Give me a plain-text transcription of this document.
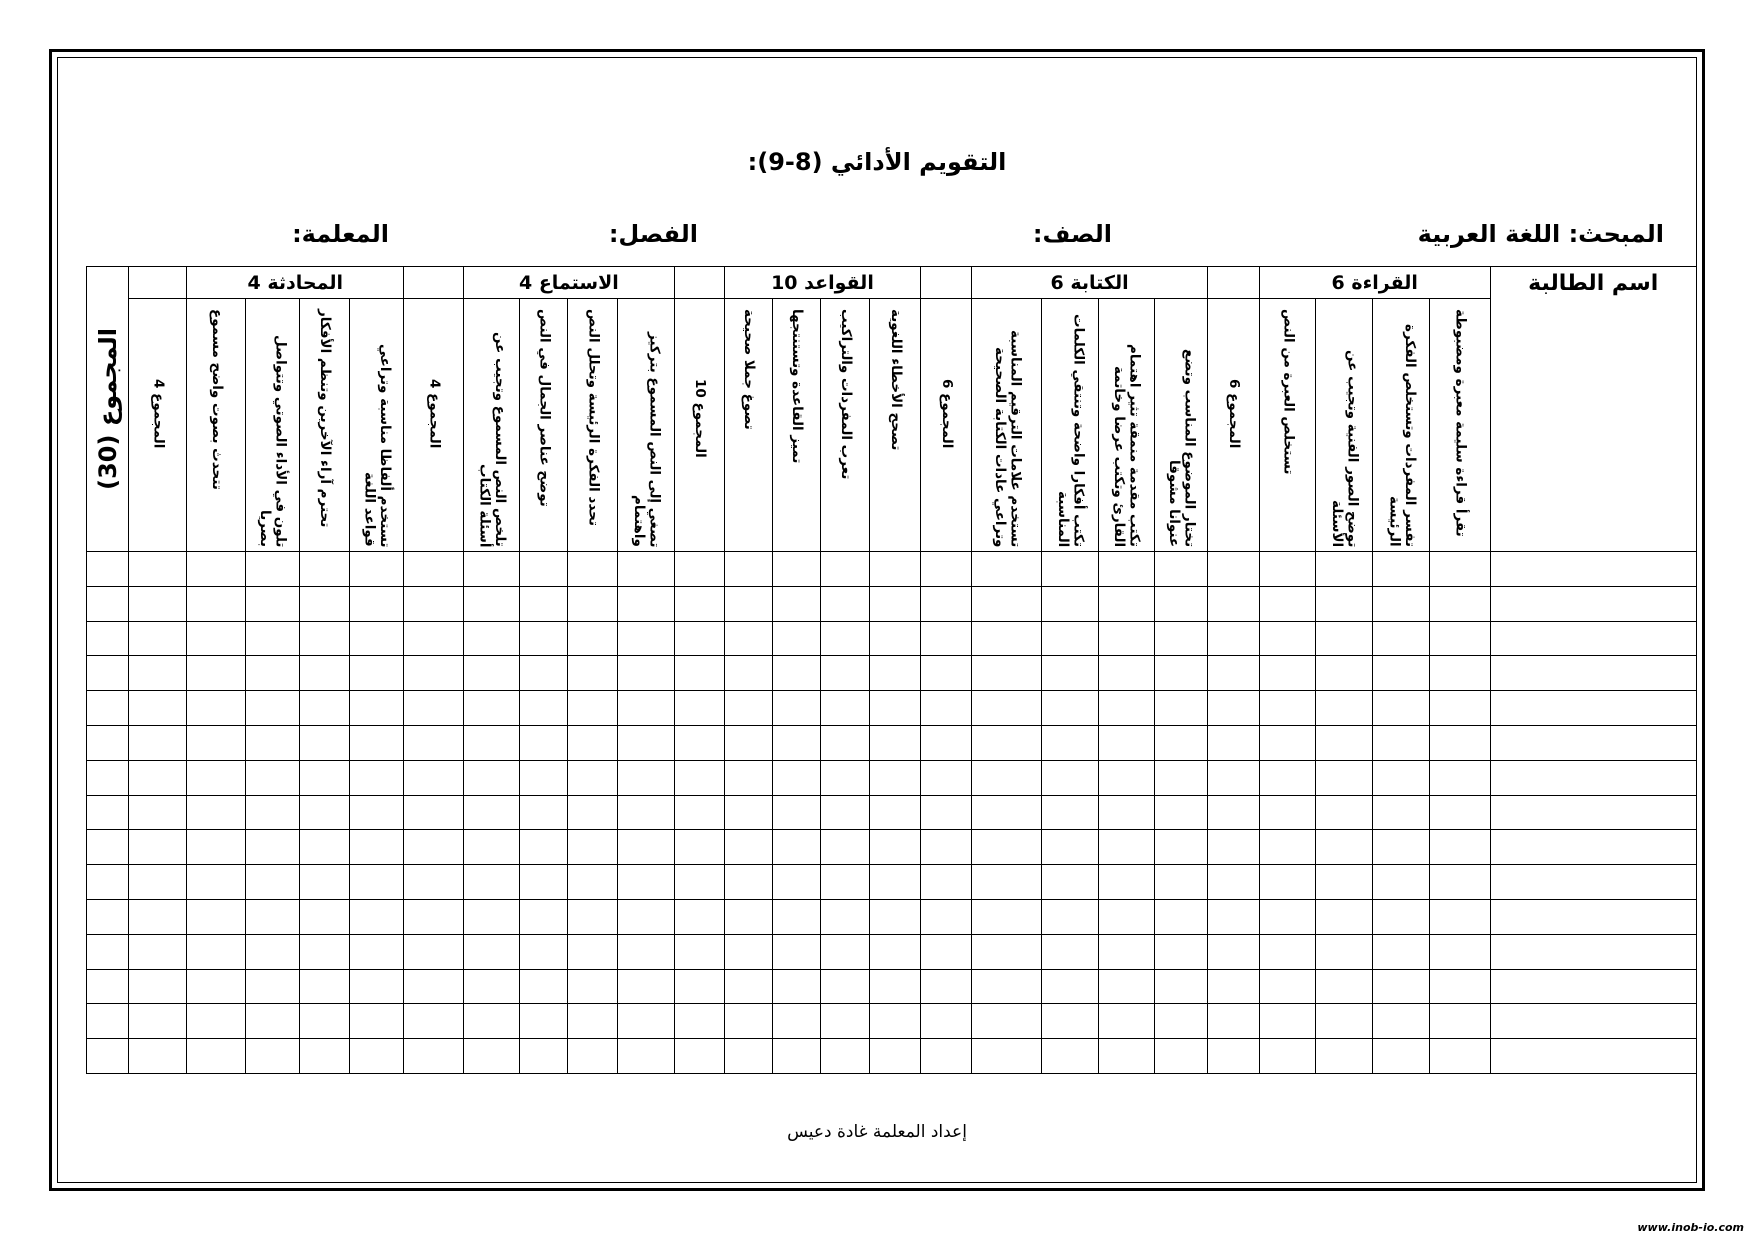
التقويم الأدائي (8-9):
المبحث: اللغة العربية
الصف:
الفصل:
المعلمة:
اسم الطالبة	القراءة 6					الكتابة 6					القواعد 10					الاستماع 4					المحادثة 4					المجموع (30)

	تقرأ قراءة سليمة معبرة ومضبوطة	تفسر المفردات وتستخلص الفكرة الرئيسة	توضح الصور الفنية وتجيب عن الأسئلة	تستخلص العبرة من النص	المجموع 6	تختار الموضوع المناسب وتضع عنوانا مشوقا	تكتب مقدمة منمقة تثير اهتمام القارئ وتكتب عرضا وخاتمة	تكتب أفكارا واضحة وتنتقي الكلمات المناسبة	تستخدم علامات الترقيم المناسبة وتراعي عادات الكتابة الصحيحة	المجموع 6	تصحح الأخطاء اللغوية	تعرب المفردات والتراكيب	تميز القاعدة وتستنتجها	تصوغ جملا صحيحة	المجموع 10	تصغي إلى النص المسموع بتركيز واهتمام	تحدد الفكرة الرئيسة وتحلل النص	توضح عناصر الجمال في النص	تلخص النص المسموع وتجيب عن أسئلة الكتاب	المجموع 4	تستخدم ألفاظا مناسبة وتراعي قواعد اللغة	تحترم آراء الآخرين وتنظم الأفكار	تلون في الأداء الصوتي وتتواصل بصريا	تتحدث بصوت واضح مسموع	المجموع 4	

إعداد المعلمة غادة دعيس
www.inob-io.com
